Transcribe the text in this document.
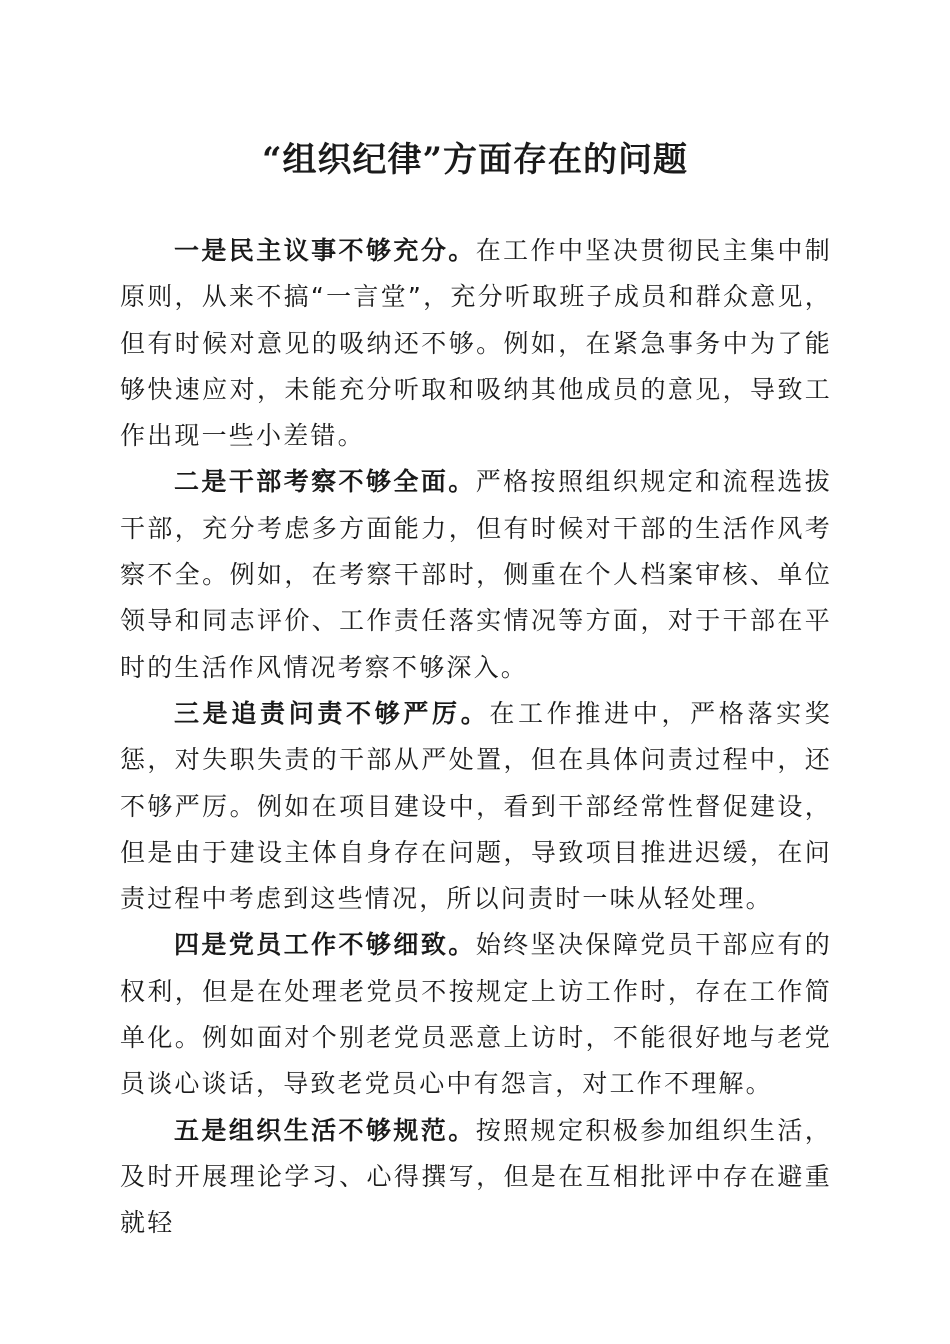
“组织纪律”方面存在的问题

一是民主议事不够充分。在工作中坚决贯彻民主集中制原则，从来不搞“一言堂”，充分听取班子成员和群众意见，但有时候对意见的吸纳还不够。例如，在紧急事务中为了能够快速应对，未能充分听取和吸纳其他成员的意见，导致工作出现一些小差错。

二是干部考察不够全面。严格按照组织规定和流程选拔干部，充分考虑多方面能力，但有时候对干部的生活作风考察不全。例如，在考察干部时，侧重在个人档案审核、单位领导和同志评价、工作责任落实情况等方面，对于干部在平时的生活作风情况考察不够深入。

三是追责问责不够严厉。在工作推进中，严格落实奖惩，对失职失责的干部从严处置，但在具体问责过程中，还不够严厉。例如在项目建设中，看到干部经常性督促建设，但是由于建设主体自身存在问题，导致项目推进迟缓，在问责过程中考虑到这些情况，所以问责时一味从轻处理。

四是党员工作不够细致。始终坚决保障党员干部应有的权利，但是在处理老党员不按规定上访工作时，存在工作简单化。例如面对个别老党员恶意上访时，不能很好地与老党员谈心谈话，导致老党员心中有怨言，对工作不理解。

五是组织生活不够规范。按照规定积极参加组织生活，及时开展理论学习、心得撰写，但是在互相批评中存在避重就轻
